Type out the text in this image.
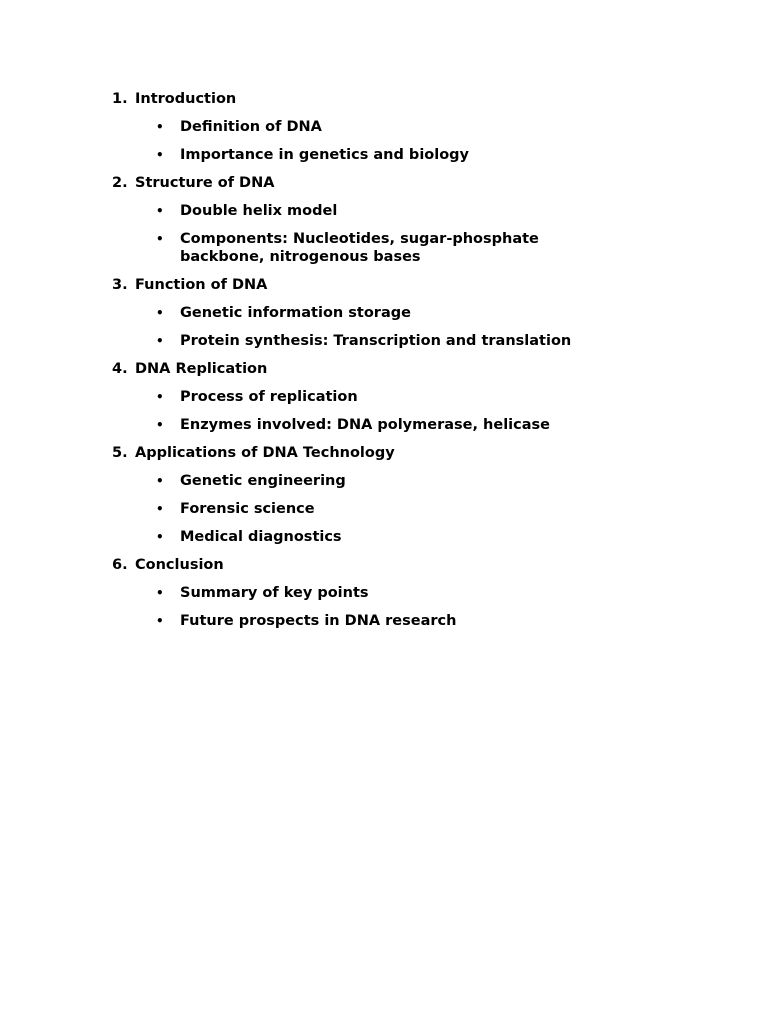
1. Introduction
•	Definition of DNA
•	Importance in genetics and biology
2. Structure of DNA
•	Double helix model
•	Components: Nucleotides, sugar-phosphate backbone, nitrogenous bases
3. Function of DNA
•	Genetic information storage
•	Protein synthesis: Transcription and translation
4. DNA Replication
•	Process of replication
•	Enzymes involved: DNA polymerase, helicase
5. Applications of DNA Technology
•	Genetic engineering
•	Forensic science
•	Medical diagnostics
6. Conclusion
•	Summary of key points
•	Future prospects in DNA research
